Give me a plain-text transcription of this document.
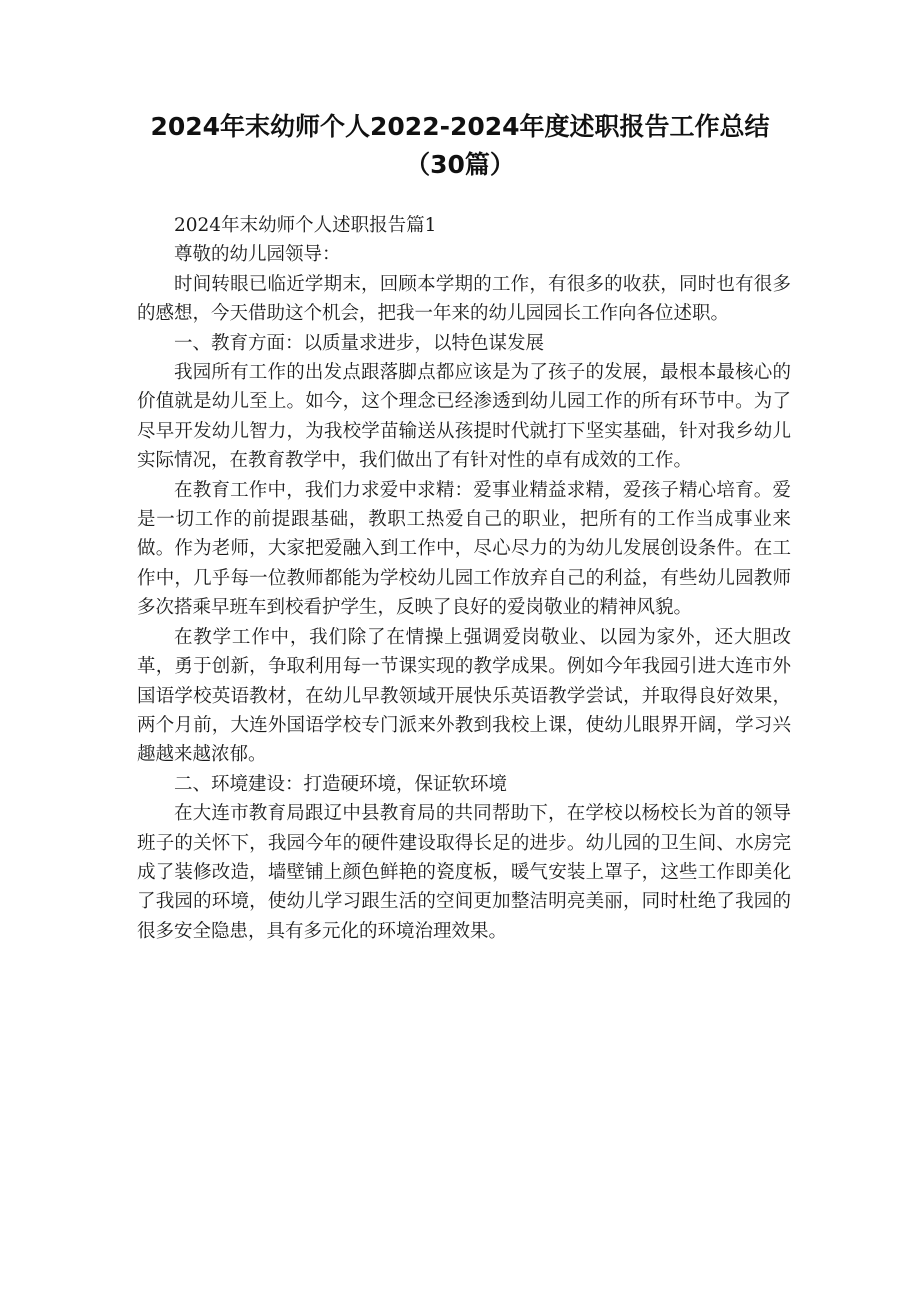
2024年末幼师个人2022-2024年度述职报告工作总结（30篇）

2024年末幼师个人述职报告篇1

尊敬的幼儿园领导：

时间转眼已临近学期末，回顾本学期的工作，有很多的收获，同时也有很多的感想，今天借助这个机会，把我一年来的幼儿园园长工作向各位述职。

一、教育方面：以质量求进步，以特色谋发展

我园所有工作的出发点跟落脚点都应该是为了孩子的发展，最根本最核心的价值就是幼儿至上。如今，这个理念已经渗透到幼儿园工作的所有环节中。为了尽早开发幼儿智力，为我校学苗输送从孩提时代就打下坚实基础，针对我乡幼儿实际情况，在教育教学中，我们做出了有针对性的卓有成效的工作。

在教育工作中，我们力求爱中求精：爱事业精益求精，爱孩子精心培育。爱是一切工作的前提跟基础，教职工热爱自己的职业，把所有的工作当成事业来做。作为老师，大家把爱融入到工作中，尽心尽力的为幼儿发展创设条件。在工作中，几乎每一位教师都能为学校幼儿园工作放弃自己的利益，有些幼儿园教师多次搭乘早班车到校看护学生，反映了良好的爱岗敬业的精神风貌。

在教学工作中，我们除了在情操上强调爱岗敬业、以园为家外，还大胆改革，勇于创新，争取利用每一节课实现的教学成果。例如今年我园引进大连市外国语学校英语教材，在幼儿早教领域开展快乐英语教学尝试，并取得良好效果，两个月前，大连外国语学校专门派来外教到我校上课，使幼儿眼界开阔，学习兴趣越来越浓郁。

二、环境建设：打造硬环境，保证软环境

在大连市教育局跟辽中县教育局的共同帮助下，在学校以杨校长为首的领导班子的关怀下，我园今年的硬件建设取得长足的进步。幼儿园的卫生间、水房完成了装修改造，墙壁铺上颜色鲜艳的瓷度板，暖气安装上罩子，这些工作即美化了我园的环境，使幼儿学习跟生活的空间更加整洁明亮美丽，同时杜绝了我园的很多安全隐患，具有多元化的环境治理效果。
